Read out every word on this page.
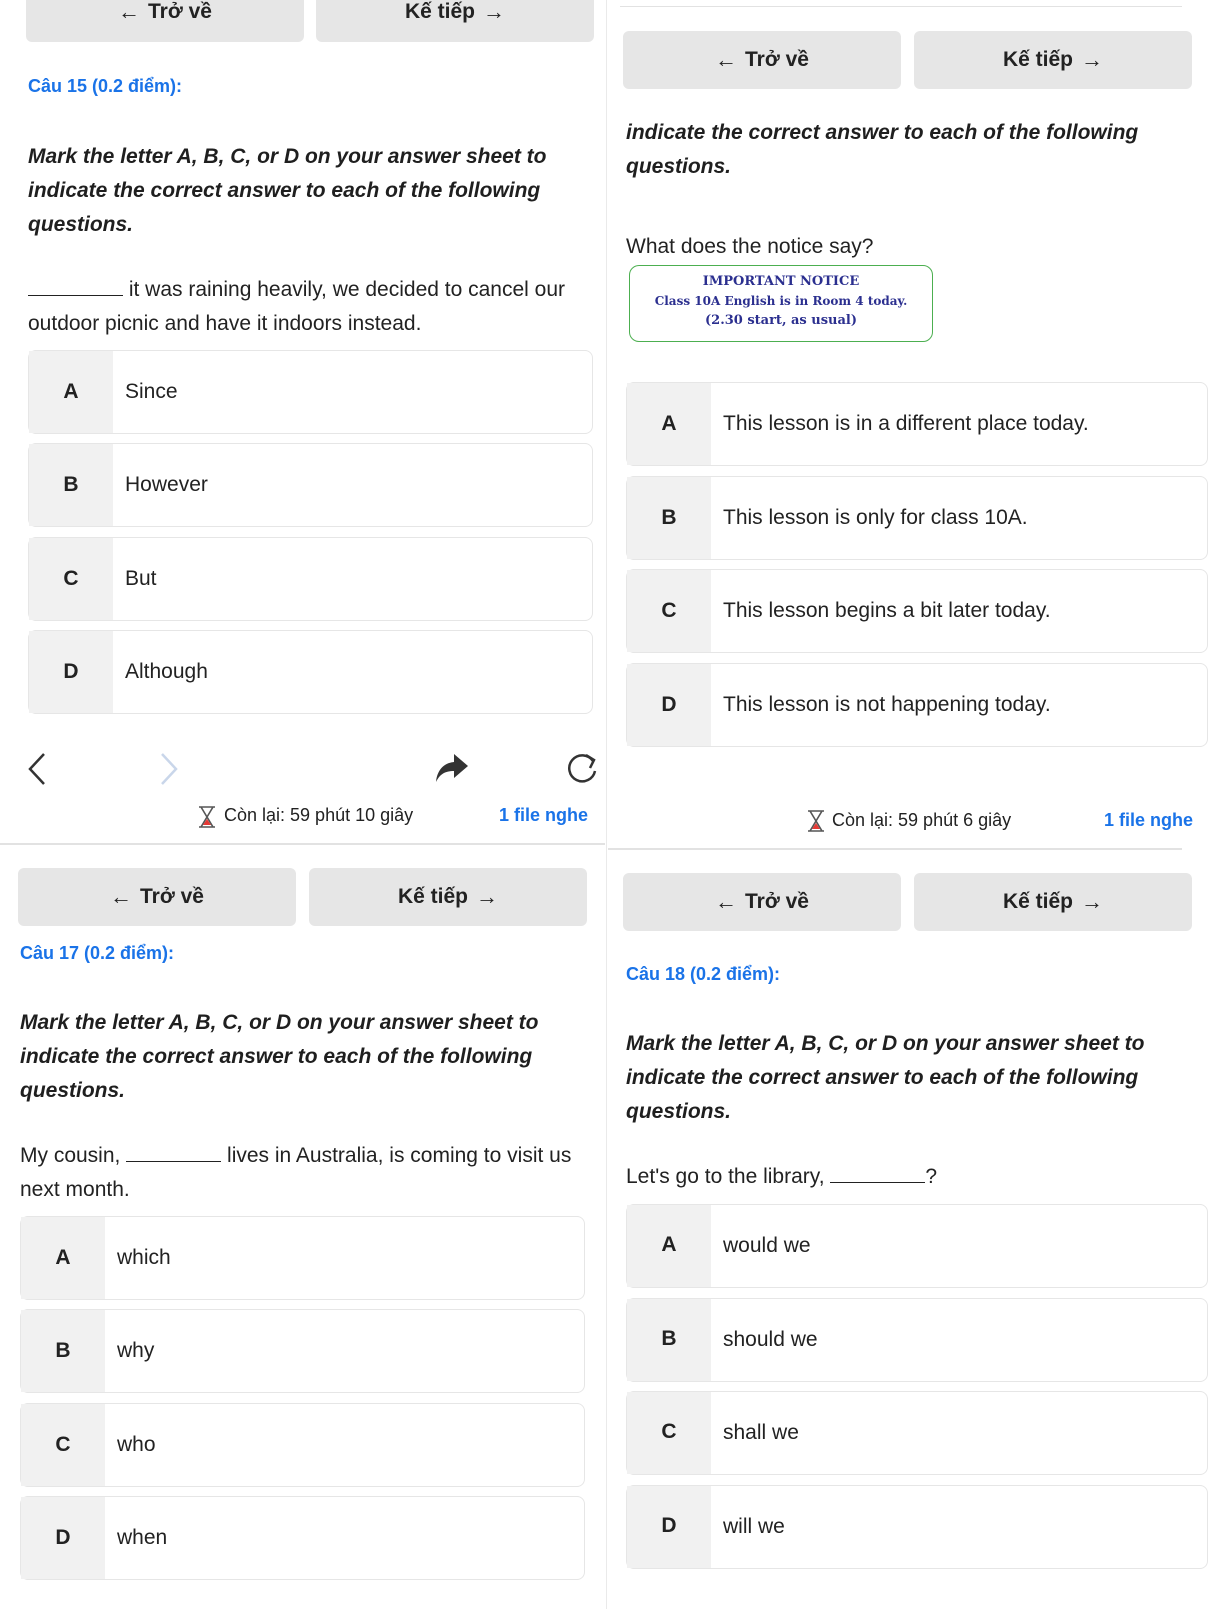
← Trở về	Kế tiếp →
Câu 15 (0.2 điểm):
Mark the letter A, B, C, or D on your answer sheet to indicate the correct answer to each of the following questions.
it was raining heavily, we decided to cancel our outdoor picnic and have it indoors instead.
A	Since
B	However
C	But
D	Although
Còn lại: 59 phút 10 giây	1 file nghe
← Trở về	Kế tiếp →
indicate the correct answer to each of the following questions.
What does the notice say?
IMPORTANT NOTICE
Class 10A English is in Room 4 today.
(2.30 start, as usual)
A	This lesson is in a different place today.
B	This lesson is only for class 10A.
C	This lesson begins a bit later today.
D	This lesson is not happening today.
Còn lại: 59 phút 6 giây	1 file nghe
← Trở về	Kế tiếp →
Câu 17 (0.2 điểm):
Mark the letter A, B, C, or D on your answer sheet to indicate the correct answer to each of the following questions.
My cousin,	lives in Australia, is coming to visit us next month.
A	which
B	why
C	who
D	when
← Trở về	Kế tiếp →
Câu 18 (0.2 điểm):
Mark the letter A, B, C, or D on your answer sheet to indicate the correct answer to each of the following questions.
Let's go to the library,	?
A	would we
B	should we
C	shall we
D	will we
